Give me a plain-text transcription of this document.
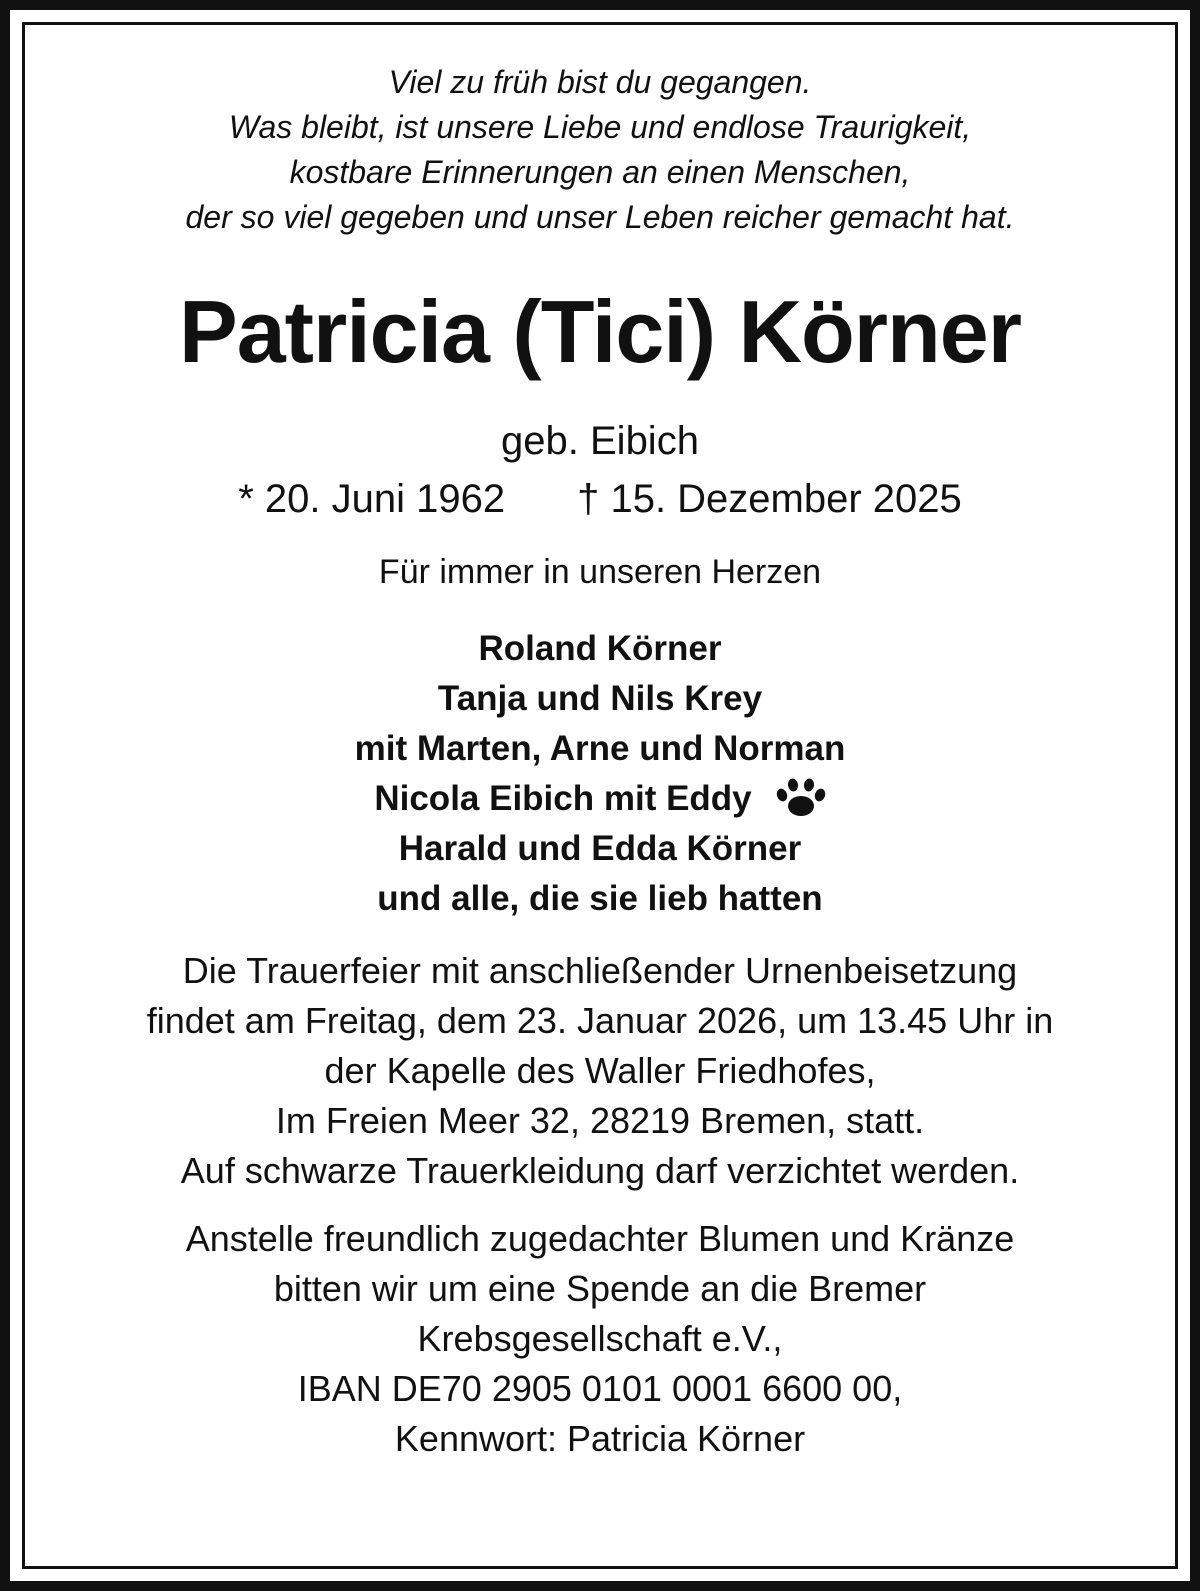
Viel zu früh bist du gegangen.
Was bleibt, ist unsere Liebe und endlose Traurigkeit,
kostbare Erinnerungen an einen Menschen,
der so viel gegeben und unser Leben reicher gemacht hat.
Patricia (Tici) Körner
geb. Eibich
* 20. Juni 1962 † 15. Dezember 2025
Für immer in unseren Herzen
Roland Körner
Tanja und Nils Krey
mit Marten, Arne und Norman
Nicola Eibich mit Eddy
Harald und Edda Körner
und alle, die sie lieb hatten
Die Trauerfeier mit anschließender Urnenbeisetzung
findet am Freitag, dem 23. Januar 2026, um 13.45 Uhr in
der Kapelle des Waller Friedhofes,
Im Freien Meer 32, 28219 Bremen, statt.
Auf schwarze Trauerkleidung darf verzichtet werden.
Anstelle freundlich zugedachter Blumen und Kränze
bitten wir um eine Spende an die Bremer
Krebsgesellschaft e.V.,
IBAN DE70 2905 0101 0001 6600 00,
Kennwort: Patricia Körner
